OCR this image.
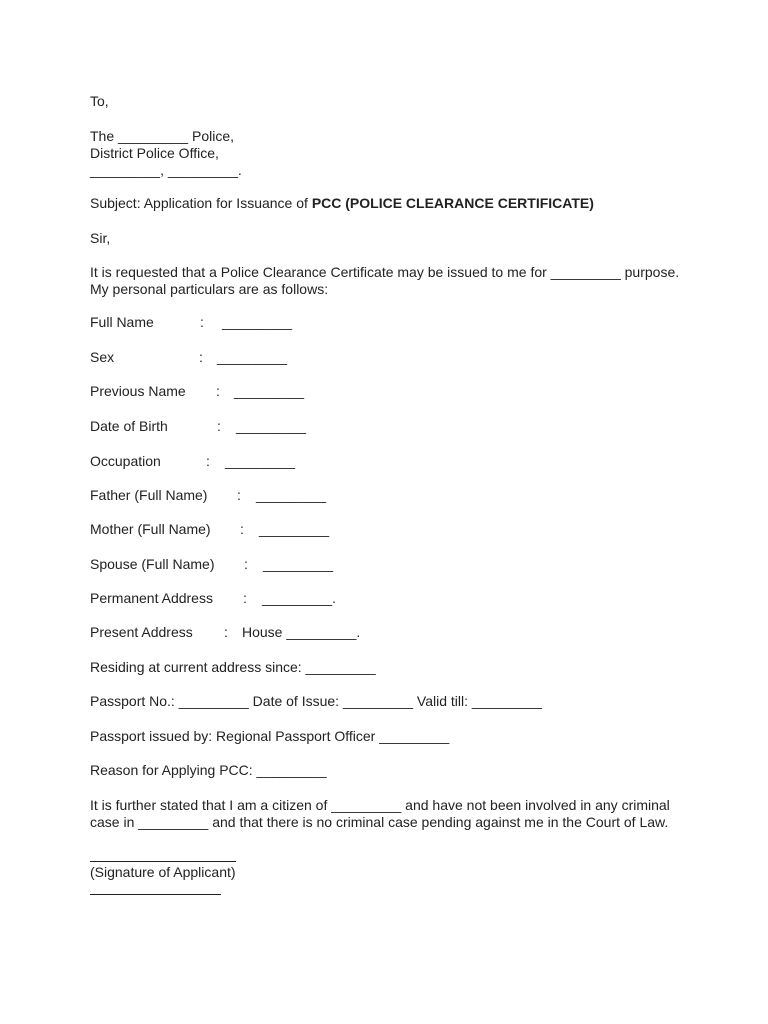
To,
The _________ Police,
District Police Office,
_________, _________.
Subject: Application for Issuance of PCC (POLICE CLEARANCE CERTIFICATE)
Sir,
It is requested that a Police Clearance Certificate may be issued to me for _________ purpose.
My personal particulars are as follows:
Full Name	: _________
Sex	: _________
Previous Name : _________
Date of Birth	: _________
Occupation	: _________
Father (Full Name) : _________
Mother (Full Name) : _________
Spouse (Full Name) : _________
Permanent Address : _________.
Present Address : House _________.
Residing at current address since: _________
Passport No.: _________ Date of Issue: _________ Valid till: _________
Passport issued by: Regional Passport Officer _________
Reason for Applying PCC: _________
It is further stated that I am a citizen of _________ and have not been involved in any criminal
case in _________ and that there is no criminal case pending against me in the Court of Law.
(Signature of Applicant)
